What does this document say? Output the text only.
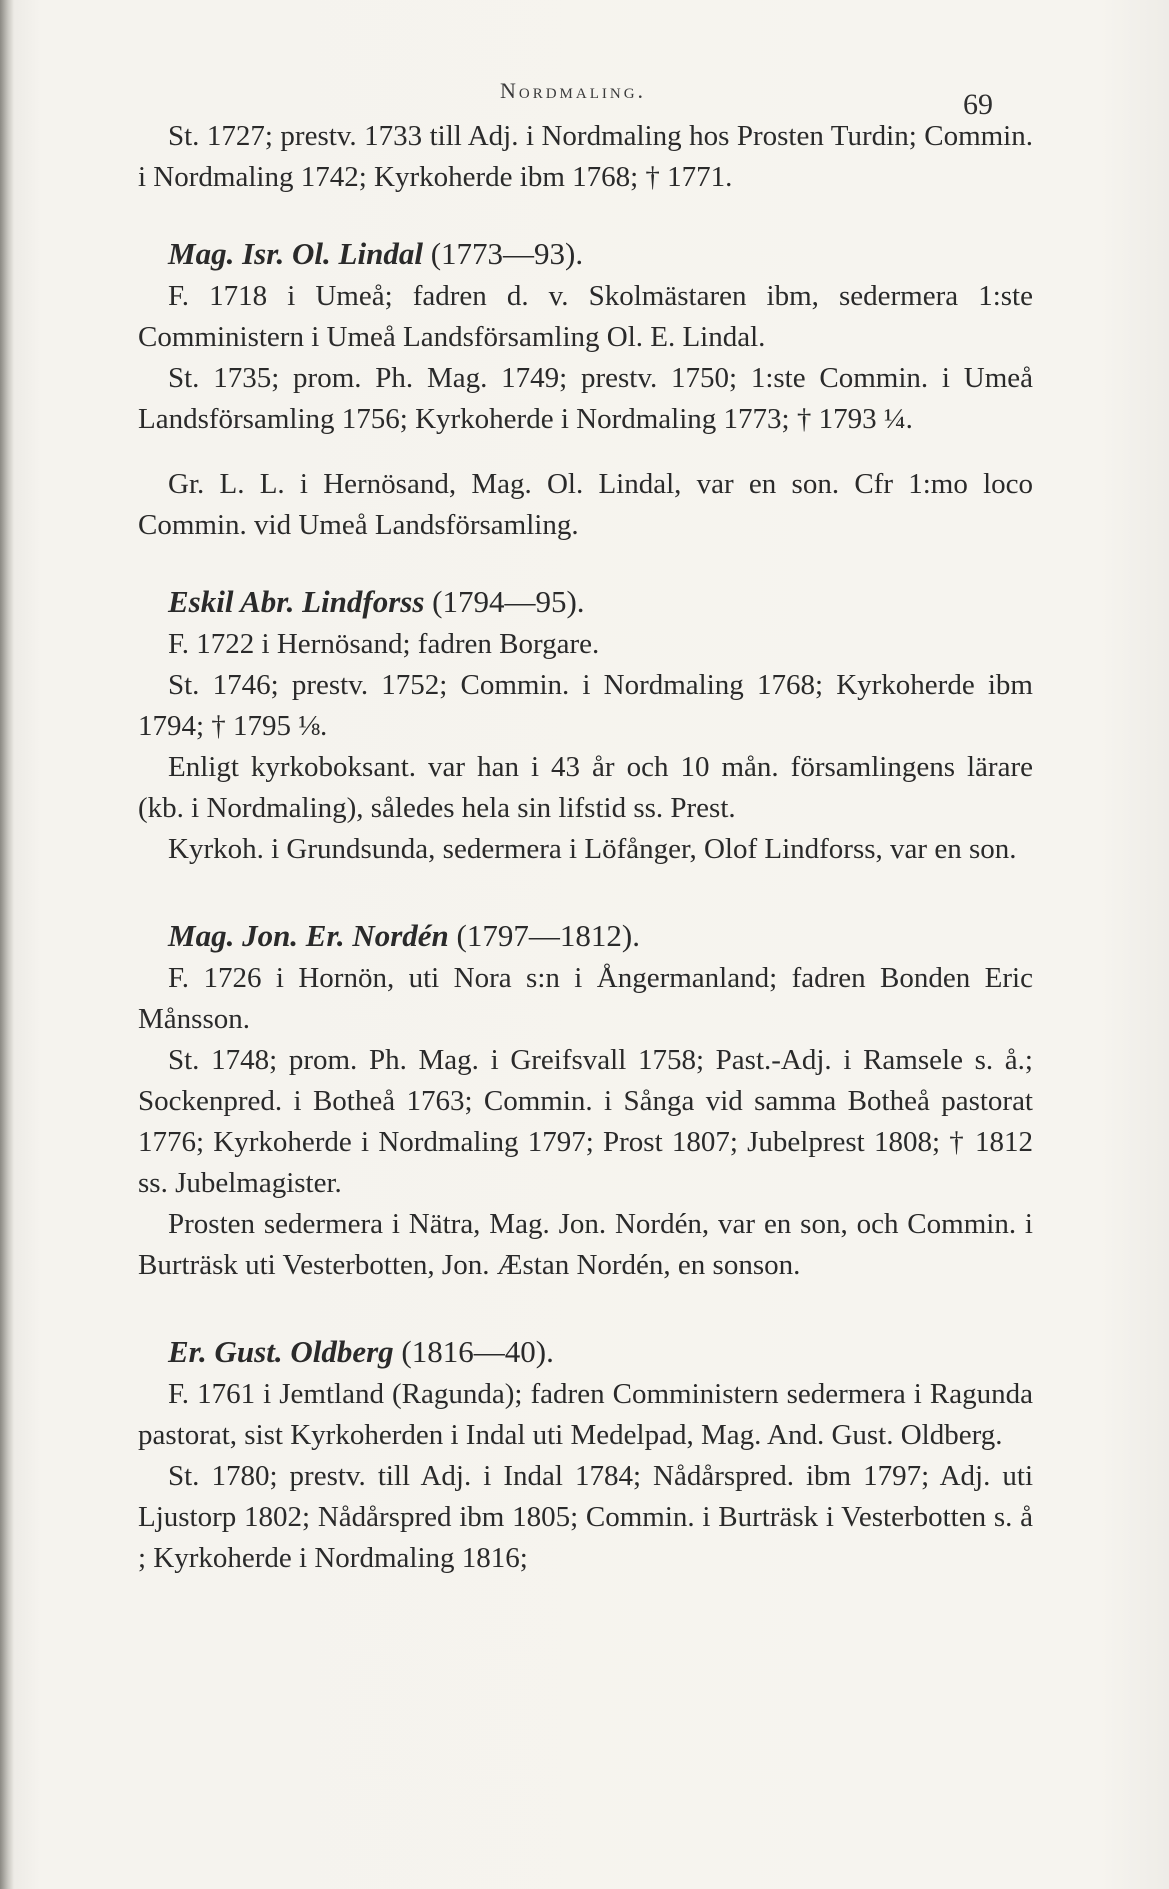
Nordmaling.	69

St. 1727; prestv. 1733 till Adj. i Nordmaling hos Prosten Turdin; Commin. i Nordmaling 1742; Kyrkoherde ibm 1768; † 1771.

Mag. Isr. Ol. Lindal (1773—93).

F. 1718 i Umeå; fadren d. v. Skolmästaren ibm, sedermera 1:ste Comministern i Umeå Landsförsamling Ol. E. Lindal.

St. 1735; prom. Ph. Mag. 1749; prestv. 1750; 1:ste Commin. i Umeå Landsförsamling 1756; Kyrkoherde i Nordmaling 1773; † 1793 ¼.

Gr. L. L. i Hernösand, Mag. Ol. Lindal, var en son. Cfr 1:mo loco Commin. vid Umeå Landsförsamling.

Eskil Abr. Lindforss (1794—95).

F. 1722 i Hernösand; fadren Borgare.

St. 1746; prestv. 1752; Commin. i Nordmaling 1768; Kyrkoherde ibm 1794; † 1795 ⅛.

Enligt kyrkoboksant. var han i 43 år och 10 mån. församlingens lärare (kb. i Nordmaling), således hela sin lifstid ss. Prest.

Kyrkoh. i Grundsunda, sedermera i Löfånger, Olof Lindforss, var en son.

Mag. Jon. Er. Nordén (1797—1812).

F. 1726 i Hornön, uti Nora s:n i Ångermanland; fadren Bonden Eric Månsson.

St. 1748; prom. Ph. Mag. i Greifsvall 1758; Past.-Adj. i Ramsele s. å.; Sockenpred. i Botheå 1763; Commin. i Sånga vid samma Botheå pastorat 1776; Kyrkoherde i Nordmaling 1797; Prost 1807; Jubelprest 1808; † 1812 ss. Jubelmagister.

Prosten sedermera i Nätra, Mag. Jon. Nordén, var en son, och Commin. i Burträsk uti Vesterbotten, Jon. Æstan Nordén, en sonson.

Er. Gust. Oldberg (1816—40).

F. 1761 i Jemtland (Ragunda); fadren Comministern sedermera i Ragunda pastorat, sist Kyrkoherden i Indal uti Medelpad, Mag. And. Gust. Oldberg.

St. 1780; prestv. till Adj. i Indal 1784; Nådårspred. ibm 1797; Adj. uti Ljustorp 1802; Nådårspred ibm 1805; Commin. i Burträsk i Vesterbotten s. å ; Kyrkoherde i Nordmaling 1816;
